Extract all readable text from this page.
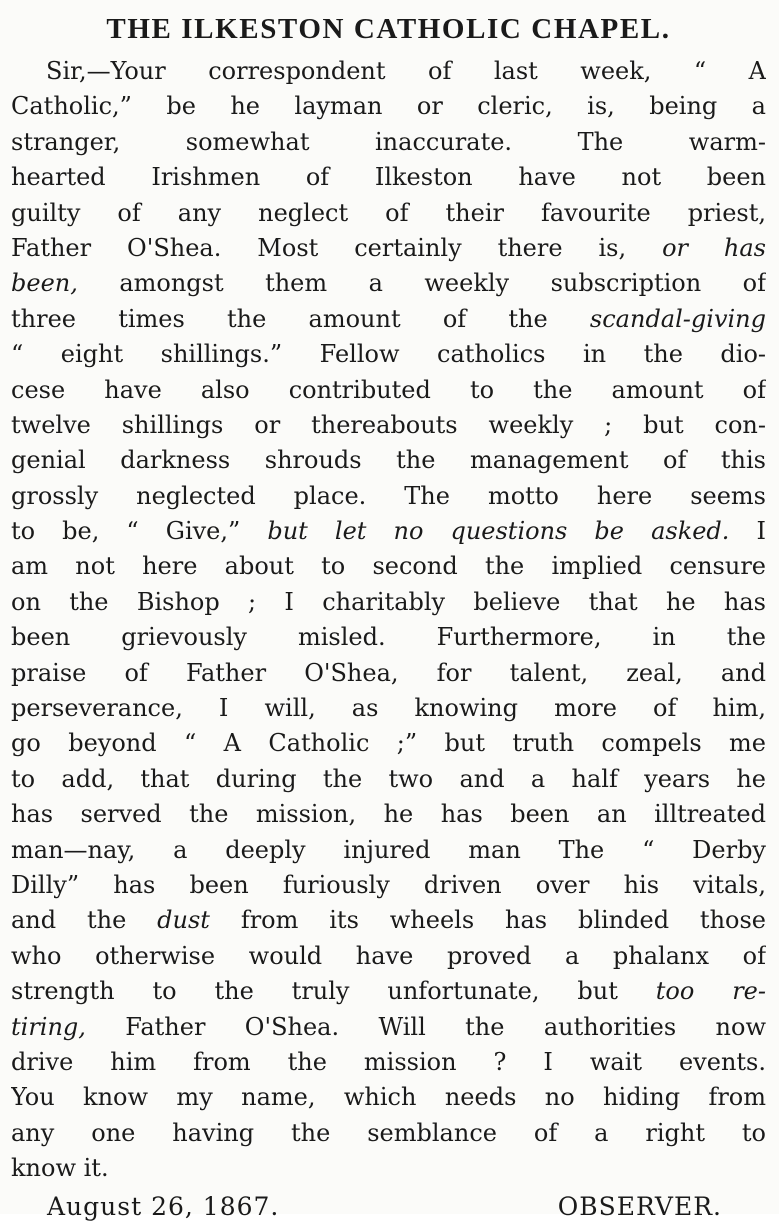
THE ILKESTON CATHOLIC CHAPEL.
Sir,—Your correspondent of last week, “ A
Catholic,” be he layman or cleric, is, being a
stranger, somewhat inaccurate. The warm-
hearted Irishmen of Ilkeston have not been
guilty of any neglect of their favourite priest,
Father O'Shea. Most certainly there is, or has
been, amongst them a weekly subscription of
three times the amount of the scandal-giving
“ eight shillings.” Fellow catholics in the dio-
cese have also contributed to the amount of
twelve shillings or thereabouts weekly ; but con-
genial darkness shrouds the management of this
grossly neglected place. The motto here seems
to be, “ Give,” but let no questions be asked. I
am not here about to second the implied censure
on the Bishop ; I charitably believe that he has
been grievously misled. Furthermore, in the
praise of Father O'Shea, for talent, zeal, and
perseverance, I will, as knowing more of him,
go beyond “ A Catholic ;” but truth compels me
to add, that during the two and a half years he
has served the mission, he has been an illtreated
man—nay, a deeply injured man The “ Derby
Dilly” has been furiously driven over his vitals,
and the dust from its wheels has blinded those
who otherwise would have proved a phalanx of
strength to the truly unfortunate, but too re-
tiring, Father O'Shea. Will the authorities now
drive him from the mission ? I wait events.
You know my name, which needs no hiding from
any one having the semblance of a right to
know it.
August 26, 1867.	OBSERVER.
